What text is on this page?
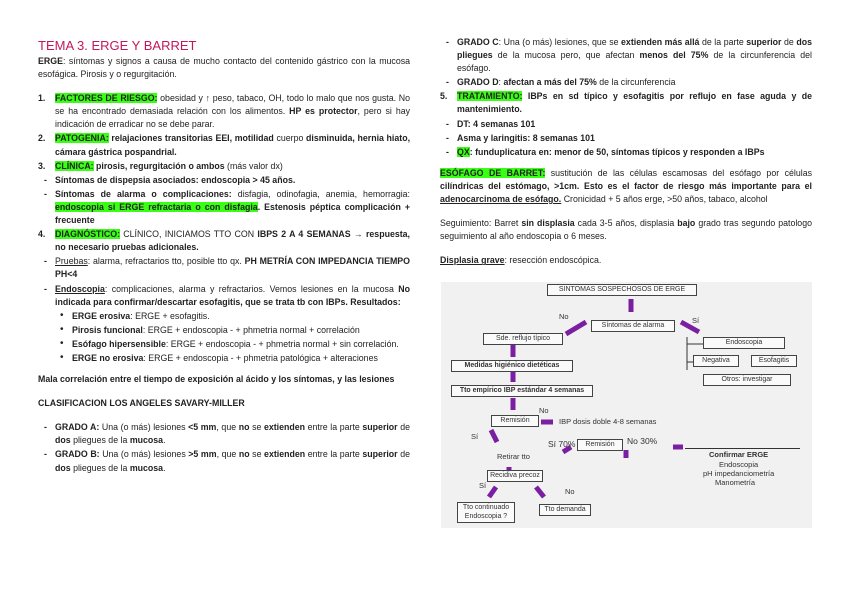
TEMA 3. ERGE Y BARRET

ERGE: síntomas y signos a causa de mucho contacto del contenido gástrico con la mucosa esofágica. Pirosis y o regurgitación.

1. FACTORES DE RIESGO: obesidad y ↑ peso, tabaco, OH, todo lo malo que nos gusta. No se ha encontrado demasiada relación con los alimentos. HP es protector, pero si hay indicación de erradicar no se debe parar.
2. PATOGENIA: relajaciones transitorias EEI, motilidad cuerpo disminuida, hernia hiato, cámara gástrica pospandrial.
3. CLÍNICA: pirosis, regurgitación o ambos (más valor dx)
- Síntomas de dispepsia asociados: endoscopia > 45 años.
- Síntomas de alarma o complicaciones: disfagia, odinofagia, anemia, hemorragia: endoscopia si ERGE refractaria o con disfagia. Estenosis péptica complicación + frecuente
4. DIAGNÓSTICO: CLÍNICO, INICIAMOS TTO CON IBPS 2 A 4 SEMANAS → respuesta, no necesario pruebas adicionales.
- Pruebas: alarma, refractarios tto, posible tto qx. PH METRÍA CON IMPEDANCIA TIEMPO PH<4
- Endoscopia: complicaciones, alarma y refractarios. Vemos lesiones en la mucosa No indicada para confirmar/descartar esofagitis, que se trata tb con IBPs. Resultados:
• ERGE erosiva: ERGE + esofagitis.
• Pirosis funcional: ERGE + endoscopia - + phmetria normal + correlación
• Esófago hipersensible: ERGE + endoscopia - + phmetria normal + sin correlación.
• ERGE no erosiva: ERGE + endoscopia - + phmetria patológica + alteraciones

Mala correlación entre el tiempo de exposición al ácido y los síntomas, y las lesiones

CLASIFICACION LOS ANGELES SAVARY-MILLER

- GRADO A: Una (o más) lesiones <5 mm, que no se extienden entre la parte superior de dos pliegues de la mucosa.
- GRADO B: Una (o más) lesiones >5 mm, que no se extienden entre la parte superior de dos pliegues de la mucosa.
- GRADO C: Una (o más) lesiones, que se extienden más allá de la parte superior de dos pliegues de la mucosa pero, que afectan menos del 75% de la circunferencia del esófago.
- GRADO D: afectan a más del 75% de la circunferencia
5. TRATAMIENTO: IBPs en sd típico y esofagitis por reflujo en fase aguda y de mantenimiento.
- DT: 4 semanas 101
- Asma y laringitis: 8 semanas 101
- QX: funduplicatura en: menor de 50, síntomas típicos y responden a IBPs

ESÓFAGO DE BARRET: sustitución de las células escamosas del esófago por células cilíndricas del estómago, >1cm. Esto es el factor de riesgo más importante para el adenocarcinoma de esófago. Cronicidad + 5 años erge, >50 años, tabaco, alcohol

Seguimiento: Barret sin displasia cada 3-5 años, displasia bajo grado tras segundo patologo seguimiento al año endoscopia o 6 meses.

Displasia grave: resección endoscópica.

SINTOMAS SOSPECHOSOS DE ERGE
No	Sí
Síntomas de alarma
Sde. reflujo típico
Endoscopia
Negativa	Esofagitis
Otros: investigar
Medidas higiénico dietéticas
Tto empírico IBP estándar 4 semanas
Remisión
No
Sí
IBP dosis doble 4-8 semanas
Sí 70%	Remisión	No 30%
Confirmar ERGE
Endoscopia
pH impedanciometría
Manometría
Retirar tto
Recidiva precoz
Sí
No
Tto continuado
Endoscopia ?
Tto demanda
